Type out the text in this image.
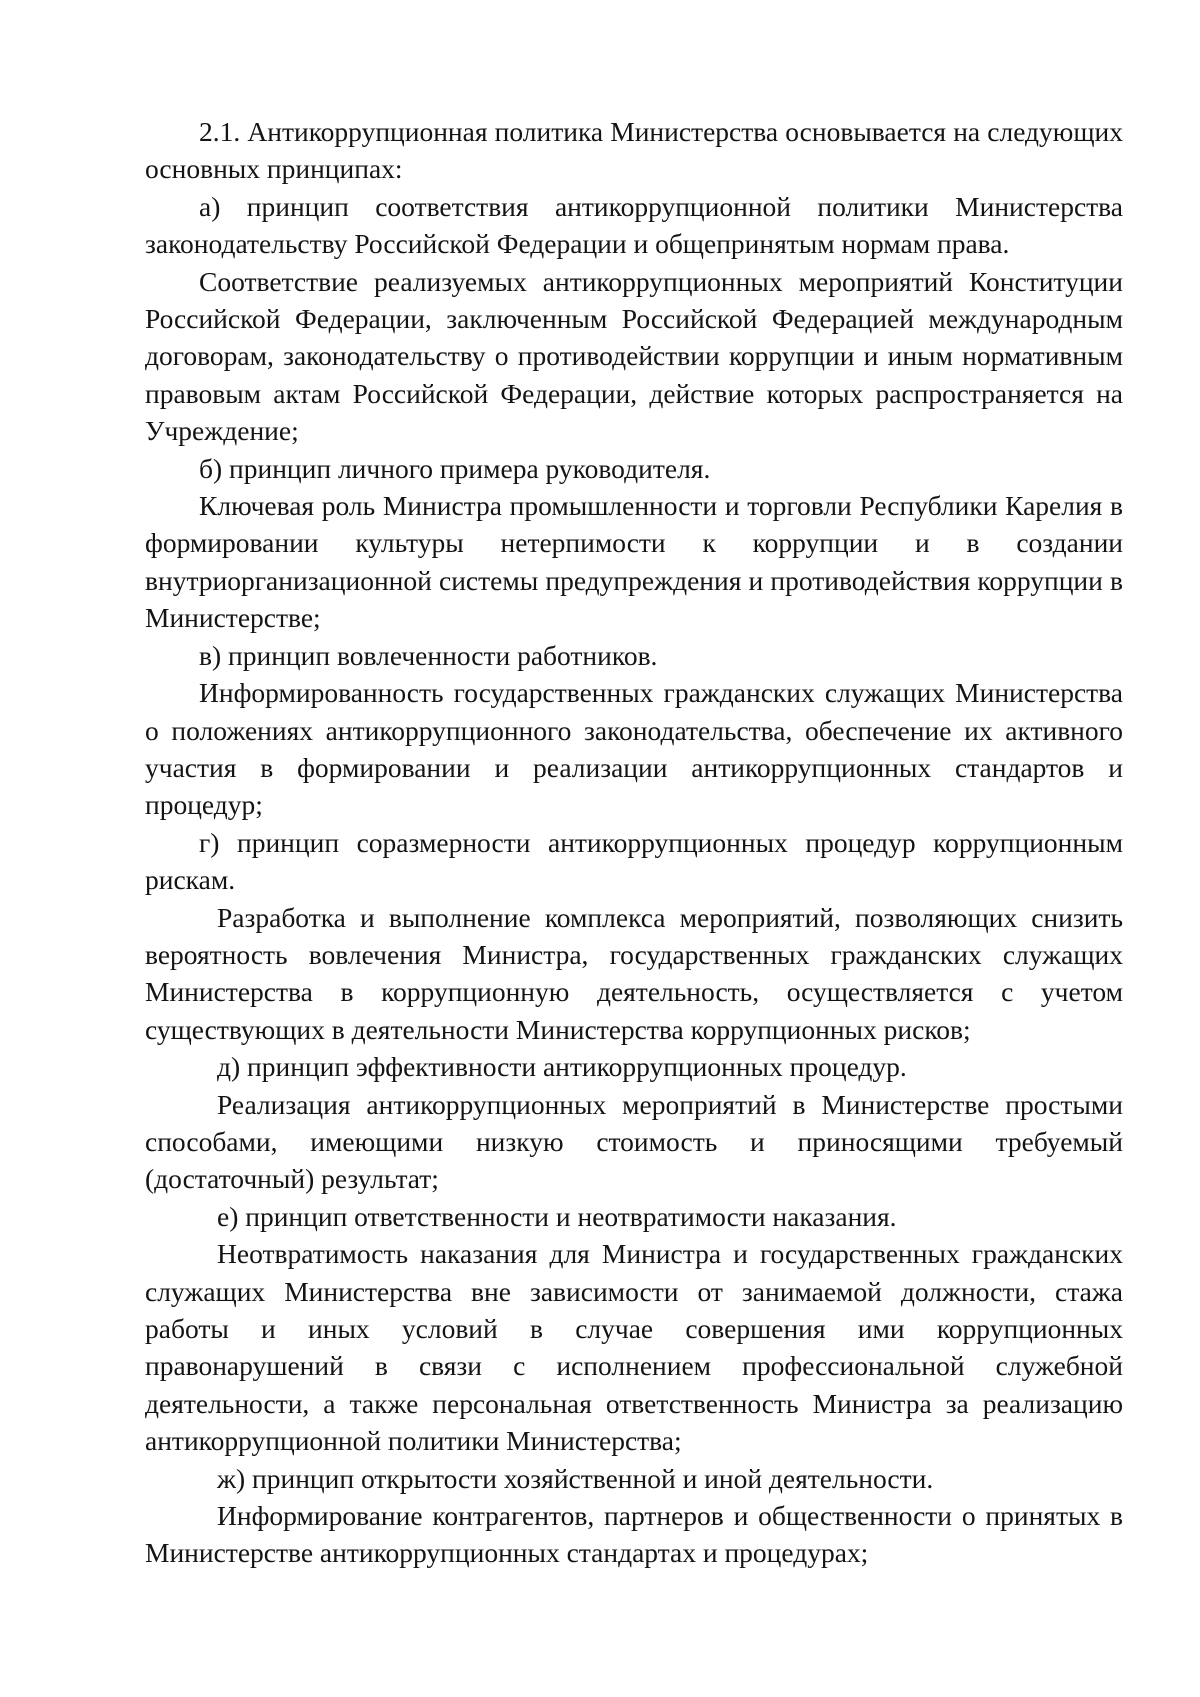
2.1. Антикоррупционная политика Министерства основывается на следующих основных принципах:

а) принцип соответствия антикоррупционной политики Министерства законодательству Российской Федерации и общепринятым нормам права.

Соответствие реализуемых антикоррупционных мероприятий Конституции Российской Федерации, заключенным Российской Федерацией международным договорам, законодательству о противодействии коррупции и иным нормативным правовым актам Российской Федерации, действие которых распространяется на Учреждение;

б) принцип личного примера руководителя.

Ключевая роль Министра промышленности и торговли Республики Карелия в формировании культуры нетерпимости к коррупции и в создании внутриорганизационной системы предупреждения и противодействия коррупции в Министерстве;

в) принцип вовлеченности работников.

Информированность государственных гражданских служащих Министерства о положениях антикоррупционного законодательства, обеспечение их активного участия в формировании и реализации антикоррупционных стандартов и процедур;

г) принцип соразмерности антикоррупционных процедур коррупционным рискам.

Разработка и выполнение комплекса мероприятий, позволяющих снизить вероятность вовлечения Министра, государственных гражданских служащих Министерства в коррупционную деятельность, осуществляется с учетом существующих в деятельности Министерства коррупционных рисков;

д) принцип эффективности антикоррупционных процедур.

Реализация антикоррупционных мероприятий в Министерстве простыми способами, имеющими низкую стоимость и приносящими требуемый (достаточный) результат;

е) принцип ответственности и неотвратимости наказания.

Неотвратимость наказания для Министра и государственных гражданских служащих Министерства вне зависимости от занимаемой должности, стажа работы и иных условий в случае совершения ими коррупционных правонарушений в связи с исполнением профессиональной служебной деятельности, а также персональная ответственность Министра за реализацию антикоррупционной политики Министерства;

ж) принцип открытости хозяйственной и иной деятельности.

Информирование контрагентов, партнеров и общественности о принятых в Министерстве антикоррупционных стандартах и процедурах;
